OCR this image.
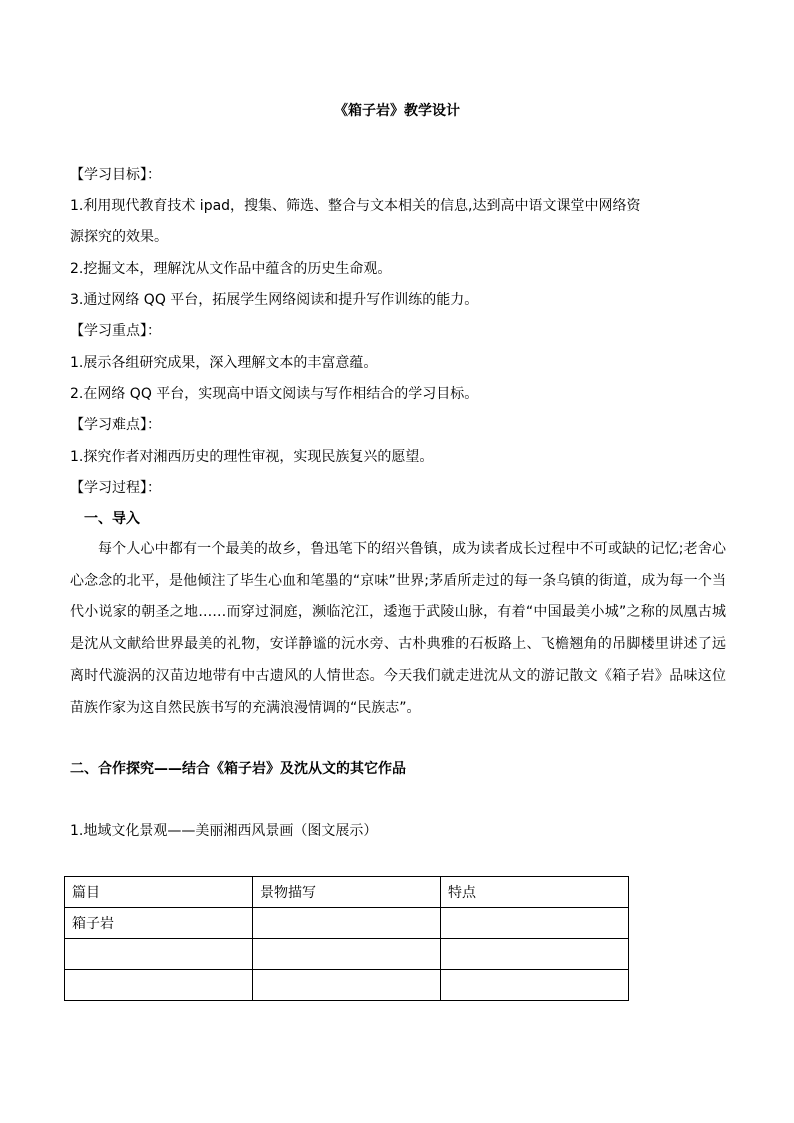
《箱子岩》教学设计
【学习目标】：
1.利用现代教育技术 ipad，搜集、筛选、整合与文本相关的信息,达到高中语文课堂中网络资
源探究的效果。
2.挖掘文本，理解沈从文作品中蕴含的历史生命观。
3.通过网络 QQ 平台，拓展学生网络阅读和提升写作训练的能力。
【学习重点】：
1.展示各组研究成果，深入理解文本的丰富意蕴。
2.在网络 QQ 平台，实现高中语文阅读与写作相结合的学习目标。
【学习难点】：
1.探究作者对湘西历史的理性审视，实现民族复兴的愿望。
【学习过程】：
一、导入
每个人心中都有一个最美的故乡，鲁迅笔下的绍兴鲁镇，成为读者成长过程中不可或缺的记忆;老舍心心念念的北平，是他倾注了毕生心血和笔墨的“京味”世界;茅盾所走过的每一条乌镇的街道，成为每一个当代小说家的朝圣之地……而穿过洞庭，濒临沱江，逶迤于武陵山脉，有着“中国最美小城”之称的凤凰古城是沈从文献给世界最美的礼物，安详静谧的沅水旁、古朴典雅的石板路上、飞檐翘角的吊脚楼里讲述了远离时代漩涡的汉苗边地带有中古遗风的人情世态。今天我们就走进沈从文的游记散文《箱子岩》品味这位苗族作家为这自然民族书写的充满浪漫情调的“民族志”。
二、合作探究——结合《箱子岩》及沈从文的其它作品
1.地域文化景观——美丽湘西风景画（图文展示）
篇目	景物描写	特点
箱子岩		
